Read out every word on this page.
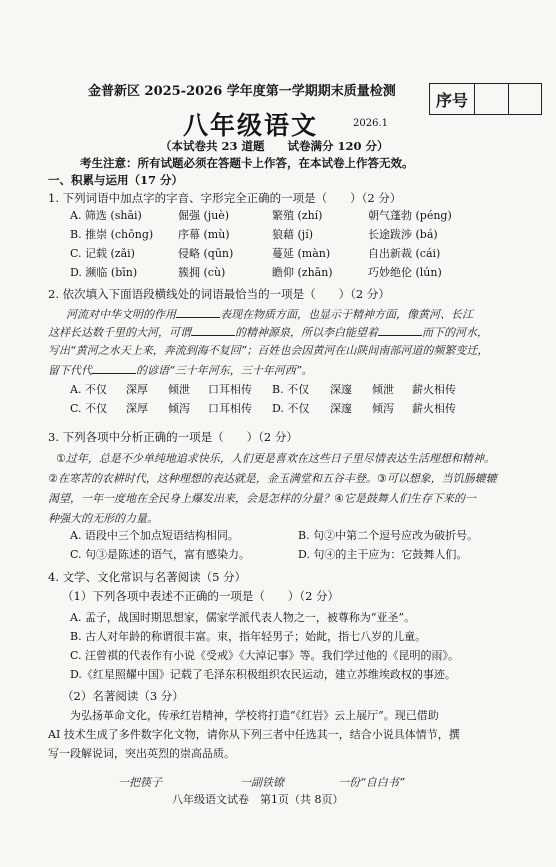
金普新区 2025-2026 学年度第一学期期末质量检测	序号
八年级语文	2026.1
（本试卷共 23 道题　　试卷满分 120 分）
考生注意：所有试题必须在答题卡上作答，在本试卷上作答无效。
一、积累与运用（17 分）
1. 下列词语中加点字的字音、字形完全正确的一项是（　　）（2 分）
A. 筛选 (shāi)	倔强 (juè)	繁殖 (zhí)	朝气蓬勃 (péng)
B. 推崇 (chōng) 序幕 (mù)	狼藉 (jí)	长途跋涉 (bá)
C. 记载 (zǎi)	侵略 (qūn)	蔓延 (màn)	自出新裁 (cái)
D. 濒临 (bīn)	簇拥 (cù)	瞻仰 (zhān)	巧妙绝伦 (lún)
2. 依次填入下面语段横线处的词语最恰当的一项是（　　）（2 分）
河流对中华文明的作用	表现在物质方面，也显示于精神方面，像黄河、长江
这样长达数千里的大河，可谓	的精神源泉，所以李白能望着	而下的河水，
写出“黄河之水天上来，奔流到海不复回”；百姓也会因黄河在山陕间南部河道的频繁变迁，
留下代代	的谚语“三十年河东，三十年河西”。
A. 不仅 深厚 倾泄 口耳相传 B. 不仅 深邃 倾泄 薪火相传
C. 不仅 深厚 倾泻 口耳相传 D. 不仅 深邃 倾泻 薪火相传
3. 下列各项中分析正确的一项是（　　）（2 分）
①过年，总是不少单纯地追求快乐，人们更是喜欢在这些日子里尽情表达生活理想和精神。
②在寒苦的农耕时代，这种理想的表达就是，金玉满堂和五谷丰登。③可以想象，当饥肠辘辘
渴望，一年一度地在全民身上爆发出来，会是怎样的分量？④它是鼓舞人们生存下来的一
种强大的无形的力量。
A. 语段中三个加点短语结构相同。	B. 句②中第二个逗号应改为破折号。
C. 句③是陈述的语气，富有感染力。	D. 句④的主干应为：它鼓舞人们。
4. 文学、文化常识与名著阅读（5 分）
（1）下列各项中表述不正确的一项是（　　）（2 分）
A. 孟子，战国时期思想家，儒家学派代表人物之一，被尊称为“亚圣”。
B. 古人对年龄的称谓很丰富。束，指年轻男子；始龀，指七八岁的儿童。
C. 汪曾祺的代表作有小说《受戒》《大淖记事》等。我们学过他的《昆明的雨》。
D.《红星照耀中国》记载了毛泽东积极组织农民运动，建立苏维埃政权的事迹。
（2）名著阅读（3 分）
为弘扬革命文化，传承红岩精神，学校将打造“《红岩》云上展厅”。现已借助
AI 技术生成了多件数字化文物，请你从下列三者中任选其一，结合小说具体情节，撰
写一段解说词，突出英烈的崇高品质。
一把筷子	一副铁镣	一份“自白书”
八年级语文试卷　第1页（共 8页）
